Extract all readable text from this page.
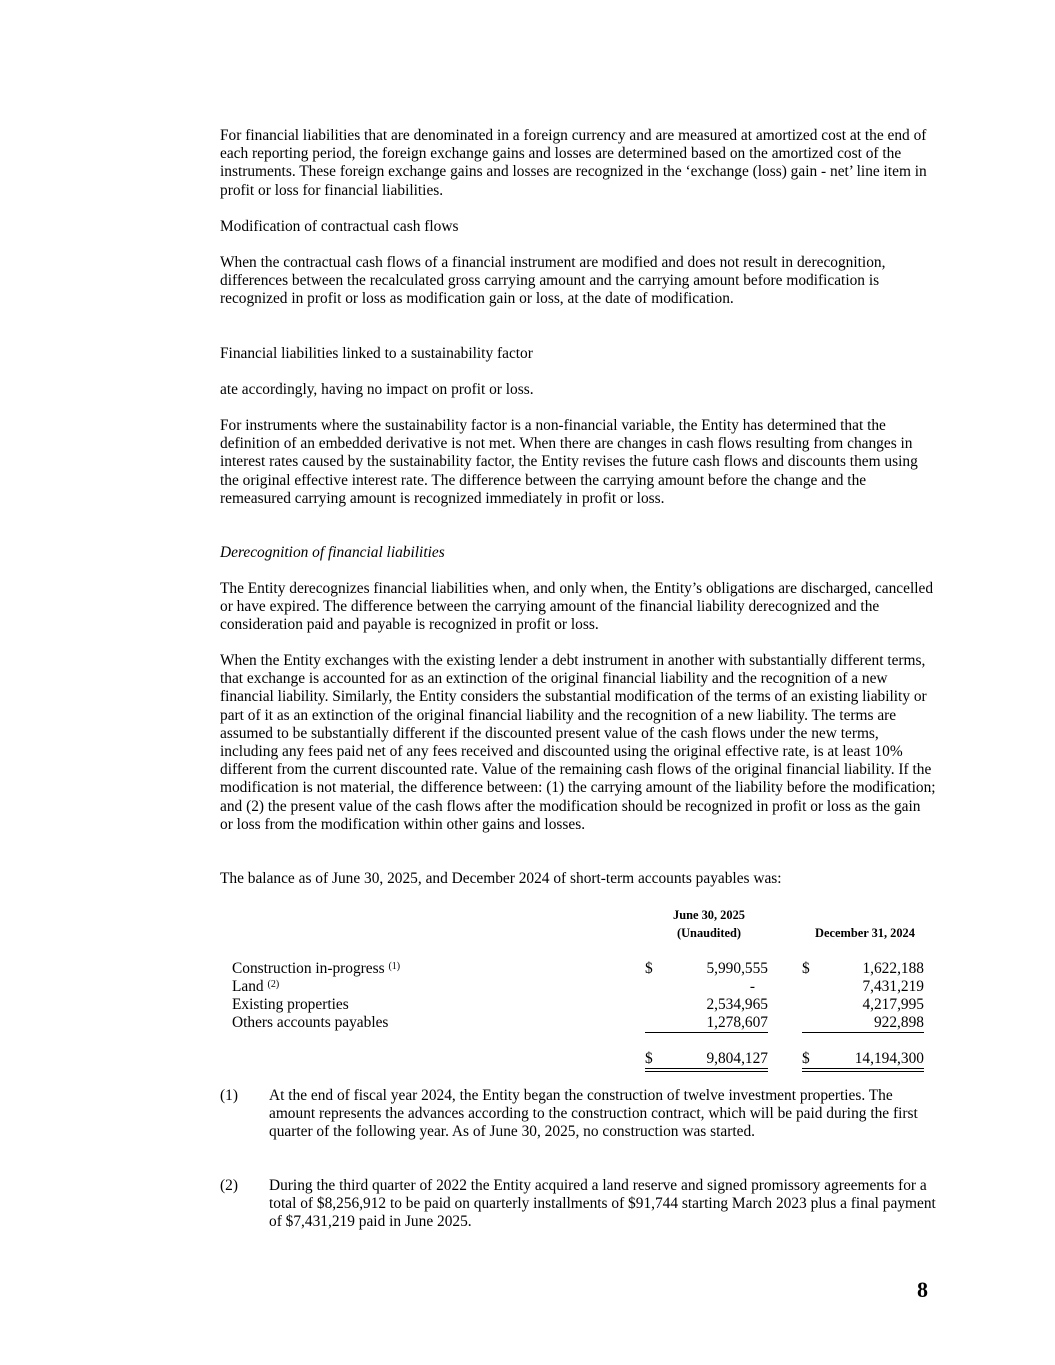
For financial liabilities that are denominated in a foreign currency and are measured at amortized cost at the end of each reporting period, the foreign exchange gains and losses are determined based on the amortized cost of the instruments. These foreign exchange gains and losses are recognized in the ‘exchange (loss) gain - net’ line item in profit or loss for financial liabilities.

Modification of contractual cash flows

When the contractual cash flows of a financial instrument are modified and does not result in derecognition, differences between the recalculated gross carrying amount and the carrying amount before modification is recognized in profit or loss as modification gain or loss, at the date of modification.

Financial liabilities linked to a sustainability factor

ate accordingly, having no impact on profit or loss.

For instruments where the sustainability factor is a non-financial variable, the Entity has determined that the definition of an embedded derivative is not met. When there are changes in cash flows resulting from changes in interest rates caused by the sustainability factor, the Entity revises the future cash flows and discounts them using the original effective interest rate. The difference between the carrying amount before the change and the remeasured carrying amount is recognized immediately in profit or loss.

Derecognition of financial liabilities

The Entity derecognizes financial liabilities when, and only when, the Entity’s obligations are discharged, cancelled or have expired. The difference between the carrying amount of the financial liability derecognized and the consideration paid and payable is recognized in profit or loss.

When the Entity exchanges with the existing lender a debt instrument in another with substantially different terms, that exchange is accounted for as an extinction of the original financial liability and the recognition of a new financial liability. Similarly, the Entity considers the substantial modification of the terms of an existing liability or part of it as an extinction of the original financial liability and the recognition of a new liability. The terms are assumed to be substantially different if the discounted present value of the cash flows under the new terms, including any fees paid net of any fees received and discounted using the original effective rate, is at least 10% different from the current discounted rate. Value of the remaining cash flows of the original financial liability. If the modification is not material, the difference between: (1) the carrying amount of the liability before the modification; and (2) the present value of the cash flows after the modification should be recognized in profit or loss as the gain or loss from the modification within other gains and losses.

The balance as of June 30, 2025, and December 2024 of short-term accounts payables was:

June 30, 2025
(Unaudited)	December 31, 2024
Construction in-progress $^{(1)}$	$	5,990,555 $	1,622,188
Land $^{(2)}$	-	7,431,219
Existing properties	2,534,965	4,217,995
Others accounts payables	1,278,607	922,898
$	9,804,127 $	14,194,300
(1) At the end of fiscal year 2024, the Entity began the construction of twelve investment properties. The amount represents the advances according to the construction contract, which will be paid during the first quarter of the following year. As of June 30, 2025, no construction was started.
(2) During the third quarter of 2022 the Entity acquired a land reserve and signed promissory agreements for a total of $8,256,912 to be paid on quarterly installments of $91,744 starting March 2023 plus a final payment of $7,431,219 paid in June 2025.
8
